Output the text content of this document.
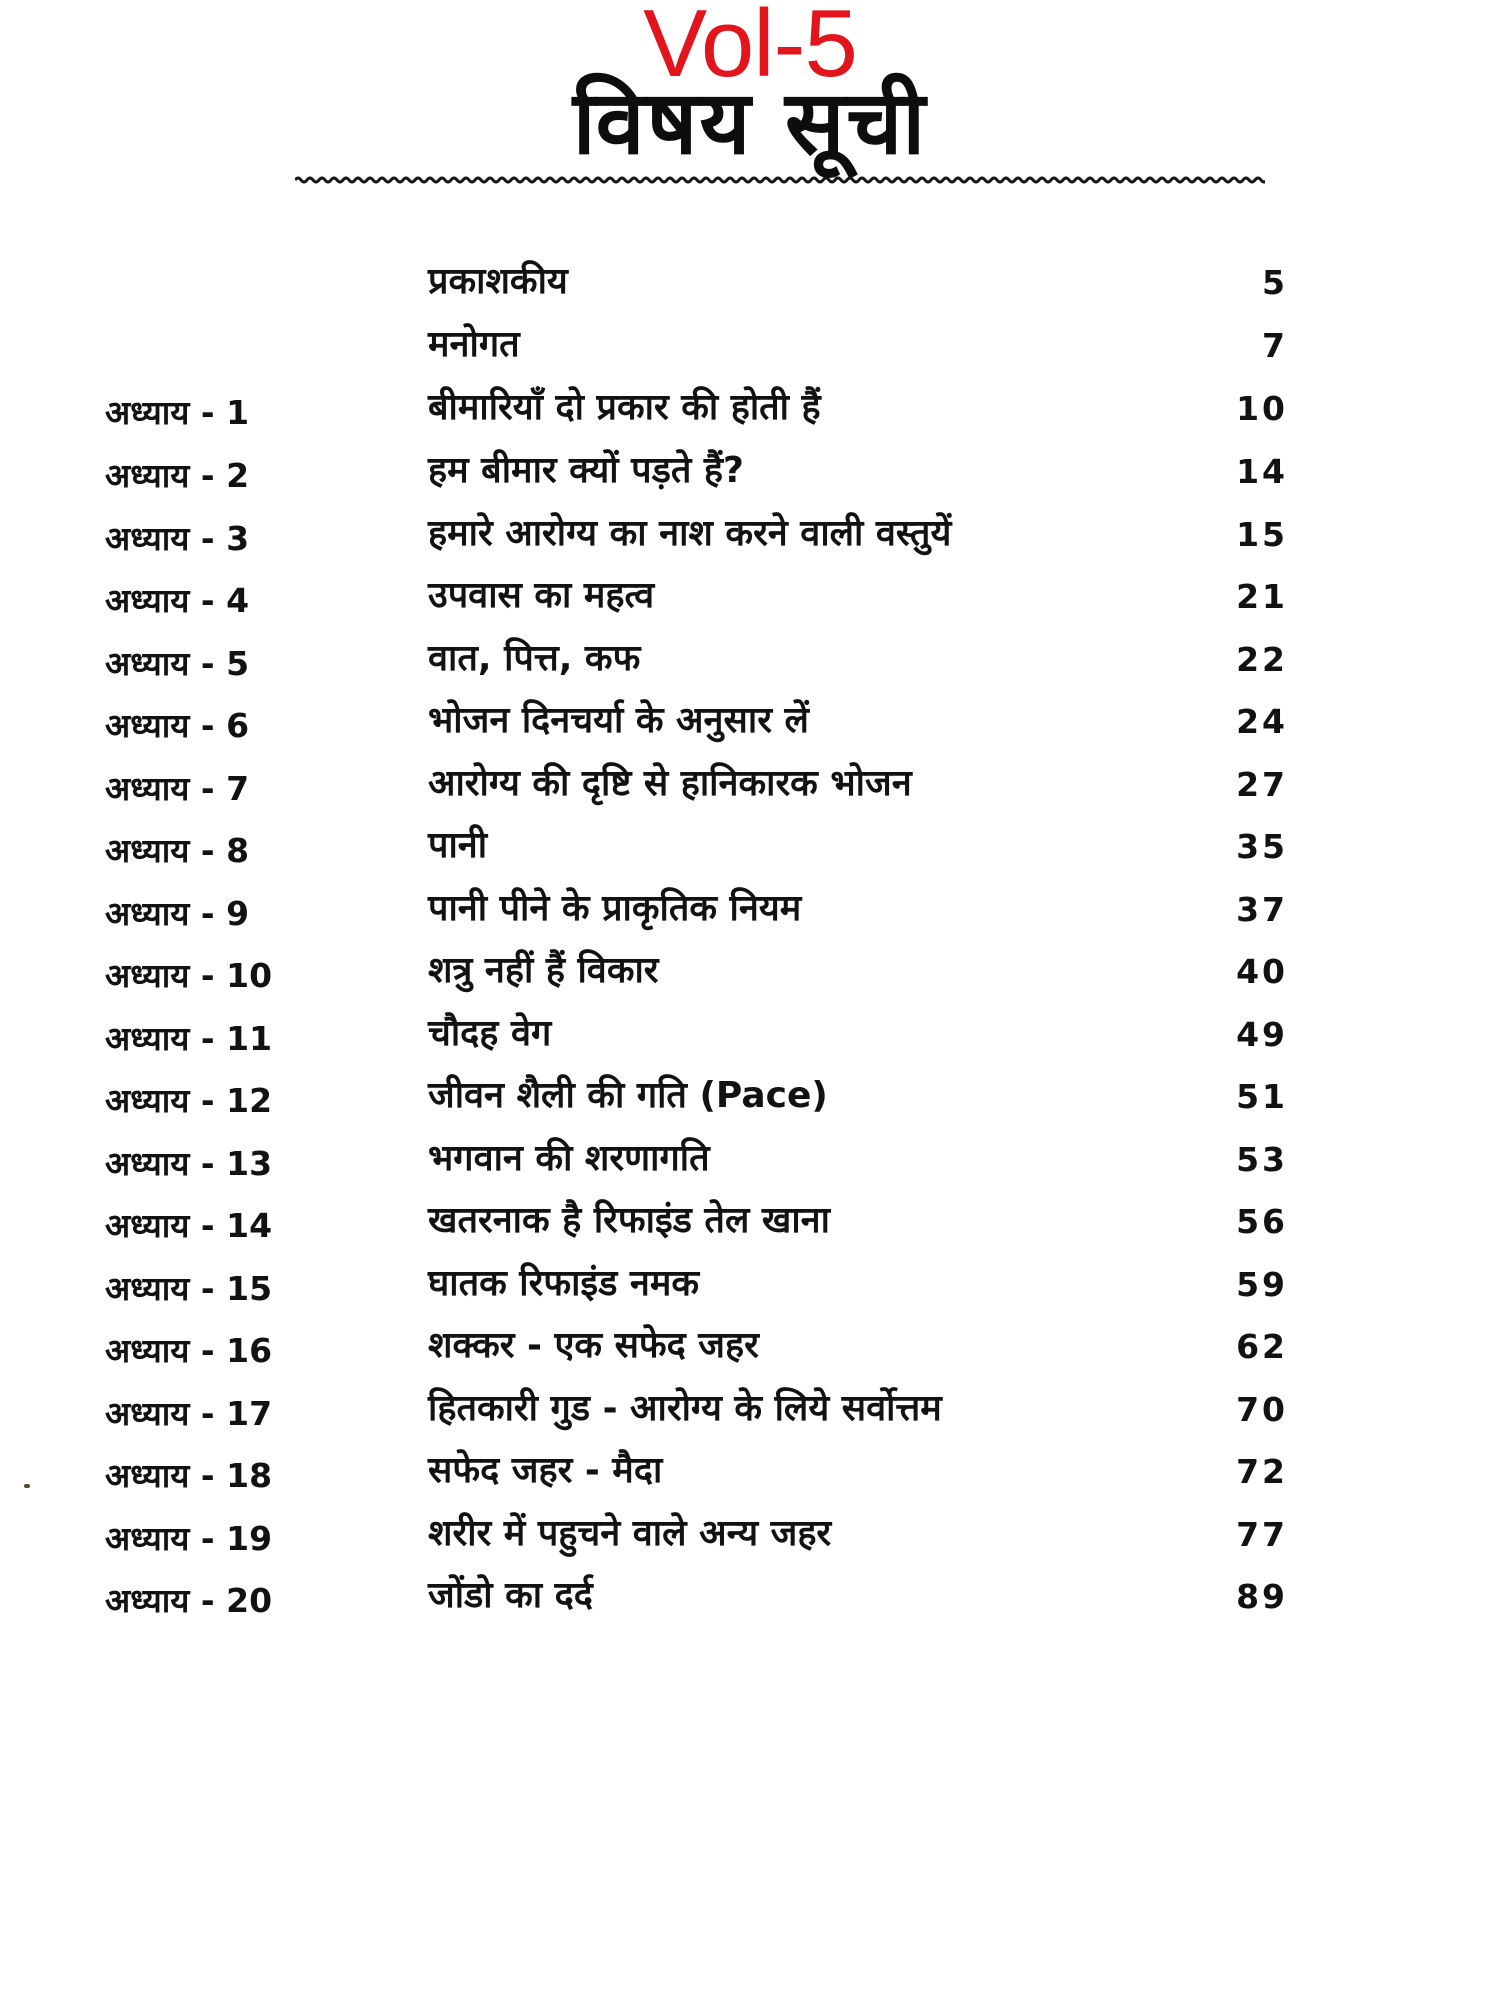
Vol-5
विषय सूची
प्रकाशकीय	5
मनोगत	7
अध्याय - 1	बीमारियाँ दो प्रकार की होती हैं	10
अध्याय - 2	हम बीमार क्यों पड़ते हैं?	14
अध्याय - 3	हमारे आरोग्य का नाश करने वाली वस्तुयें	15
अध्याय - 4	उपवास का महत्व	21
अध्याय - 5	वात, पित्त, कफ	22
अध्याय - 6	भोजन दिनचर्या के अनुसार लें	24
अध्याय - 7	आरोग्य की दृष्टि से हानिकारक भोजन	27
अध्याय - 8	पानी	35
अध्याय - 9	पानी पीने के प्राकृतिक नियम	37
अध्याय - 10	शत्रु नहीं हैं विकार	40
अध्याय - 11	चौदह वेग	49
अध्याय - 12	जीवन शैली की गति (Pace)	51
अध्याय - 13	भगवान की शरणागति	53
अध्याय - 14	खतरनाक है रिफाइंड तेल खाना	56
अध्याय - 15	घातक रिफाइंड नमक	59
अध्याय - 16	शक्कर - एक सफेद जहर	62
अध्याय - 17	हितकारी गुड - आरोग्य के लिये सर्वोत्तम	70
अध्याय - 18	सफेद जहर - मैदा	72
अध्याय - 19	शरीर में पहुचने वाले अन्य जहर	77
अध्याय - 20	जोंडो का दर्द	89
